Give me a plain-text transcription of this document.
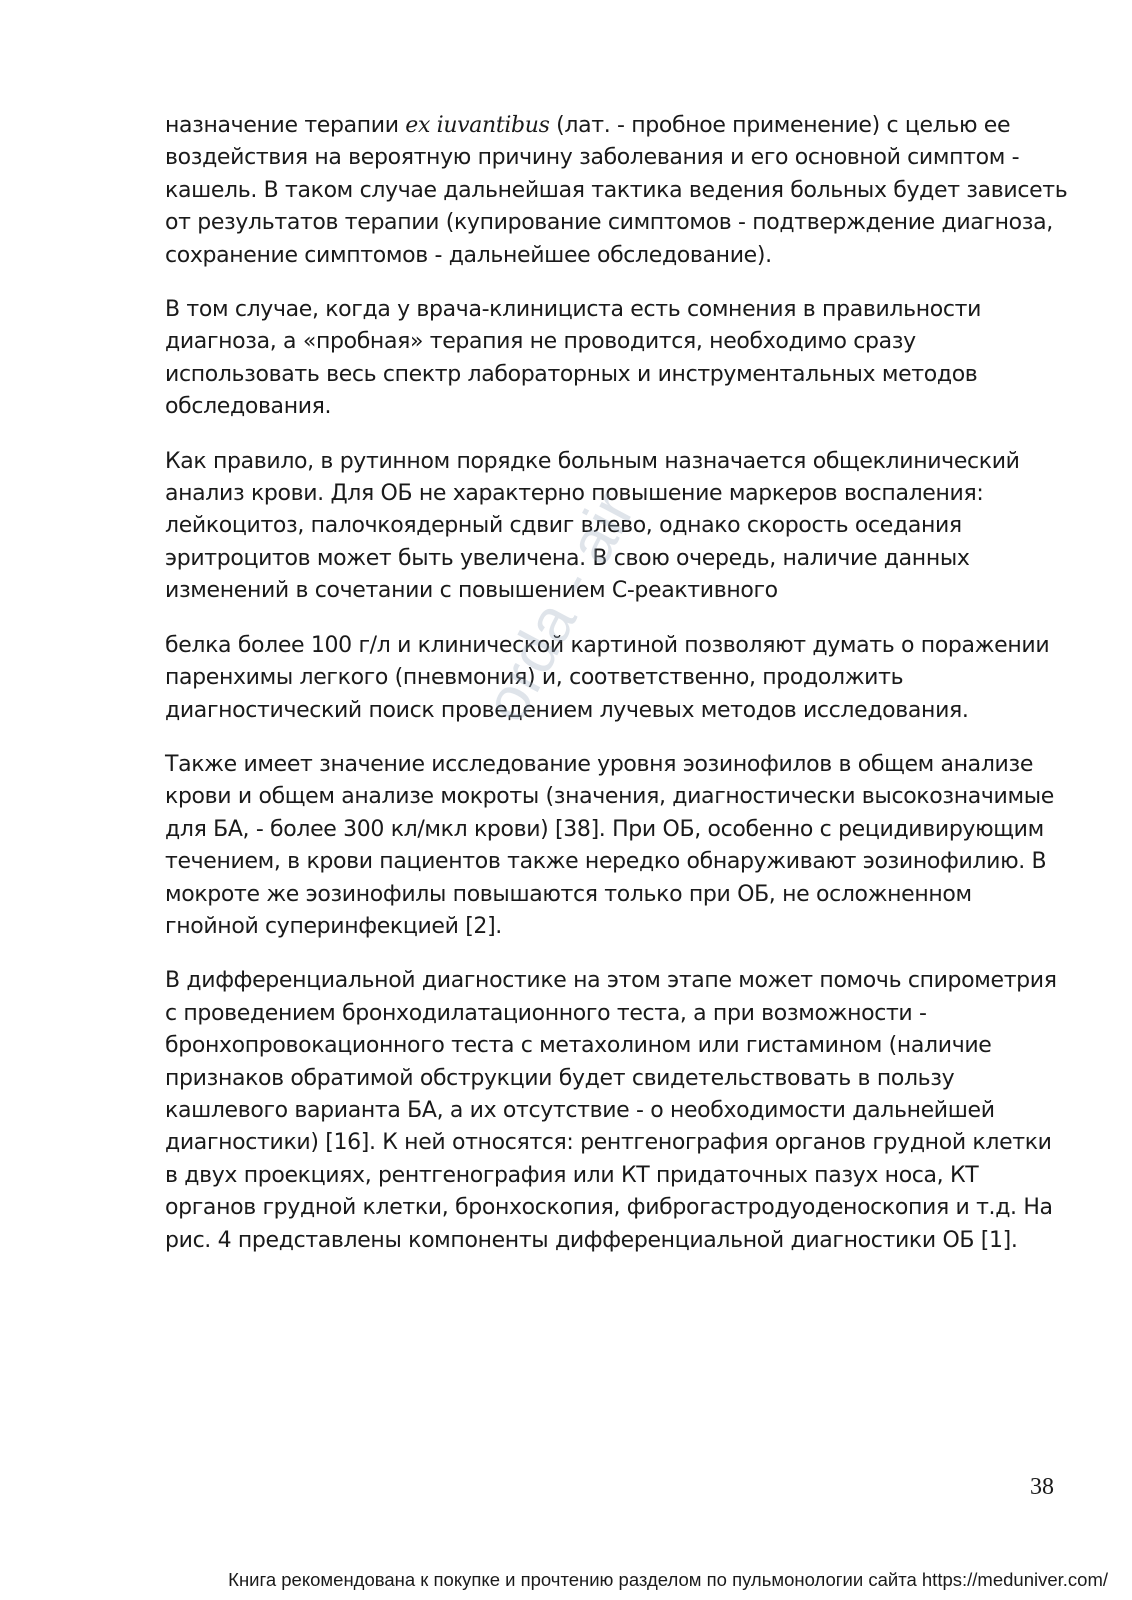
назначение терапии ex iuvantibus (лат. - пробное применение) с целью ее воздействия на вероятную причину заболевания и его основной симптом - кашель. В таком случае дальнейшая тактика ведения больных будет зависеть от результатов терапии (купирование симптомов - подтверждение диагноза, сохранение симптомов - дальнейшее обследование).

В том случае, когда у врача-клинициста есть сомнения в правильности диагноза, а «пробная» терапия не проводится, необходимо сразу использовать весь спектр лабораторных и инструментальных методов обследования.

Как правило, в рутинном порядке больным назначается общеклинический анализ крови. Для ОБ не характерно повышение маркеров воспаления: лейкоцитоз, палочкоядерный сдвиг влево, однако скорость оседания эритроцитов может быть увеличена. В свою очередь, наличие данных изменений в сочетании с повышением С-реактивного

белка более 100 г/л и клинической картиной позволяют думать о поражении паренхимы легкого (пневмония) и, соответственно, продолжить диагностический поиск проведением лучевых методов исследования.

Также имеет значение исследование уровня эозинофилов в общем анализе крови и общем анализе мокроты (значения, диагностически высокозначимые для БА, - более 300 кл/мкл крови) [38]. При ОБ, особенно с рецидивирующим течением, в крови пациентов также нередко обнаруживают эозинофилию. В мокроте же эозинофилы повышаются только при ОБ, не осложненном гнойной суперинфекцией [2].

В дифференциальной диагностике на этом этапе может помочь спирометрия с проведением бронходилатационного теста, а при возможности - бронхопровокационного теста с метахолином или гистамином (наличие признаков обратимой обструкции будет свидетельствовать в пользу кашлевого варианта БА, а их отсутствие - о необходимости дальнейшей диагностики) [16]. К ней относятся: рентгенография органов грудной клетки в двух проекциях, рентгенография или КТ придаточных пазух носа, КТ органов грудной клетки, бронхоскопия, фиброгастродуоденоскопия и т.д. На рис. 4 представлены компоненты дифференциальной диагностики ОБ [1].

orda - air
38
Книга рекомендована к покупке и прочтению разделом по пульмонологии сайта https://meduniver.com/
